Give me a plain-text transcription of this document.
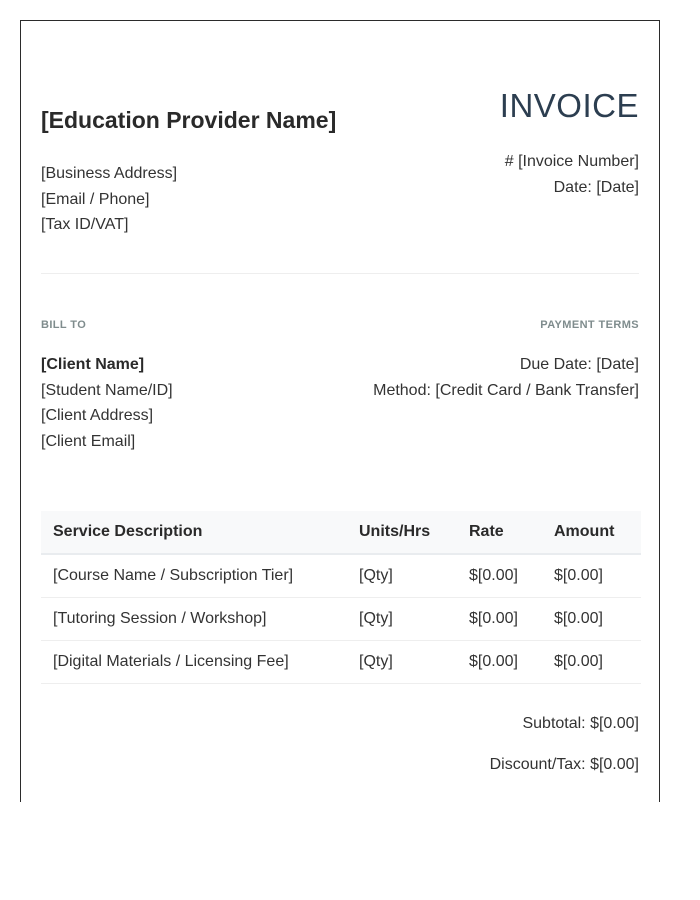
[Education Provider Name]
[Business Address]
[Email / Phone]
[Tax ID/VAT]
INVOICE
# [Invoice Number]
Date: [Date]
BILL TO	PAYMENT TERMS
[Client Name]
[Student Name/ID]
[Client Address]
[Client Email]
Due Date: [Date]
Method: [Credit Card / Bank Transfer]
Service Description	Units/Hrs	Rate	Amount
[Course Name / Subscription Tier]	[Qty]	$[0.00]	$[0.00]
[Tutoring Session / Workshop]	[Qty]	$[0.00]	$[0.00]
[Digital Materials / Licensing Fee]	[Qty]	$[0.00]	$[0.00]
Subtotal: $[0.00]
Discount/Tax: $[0.00]
